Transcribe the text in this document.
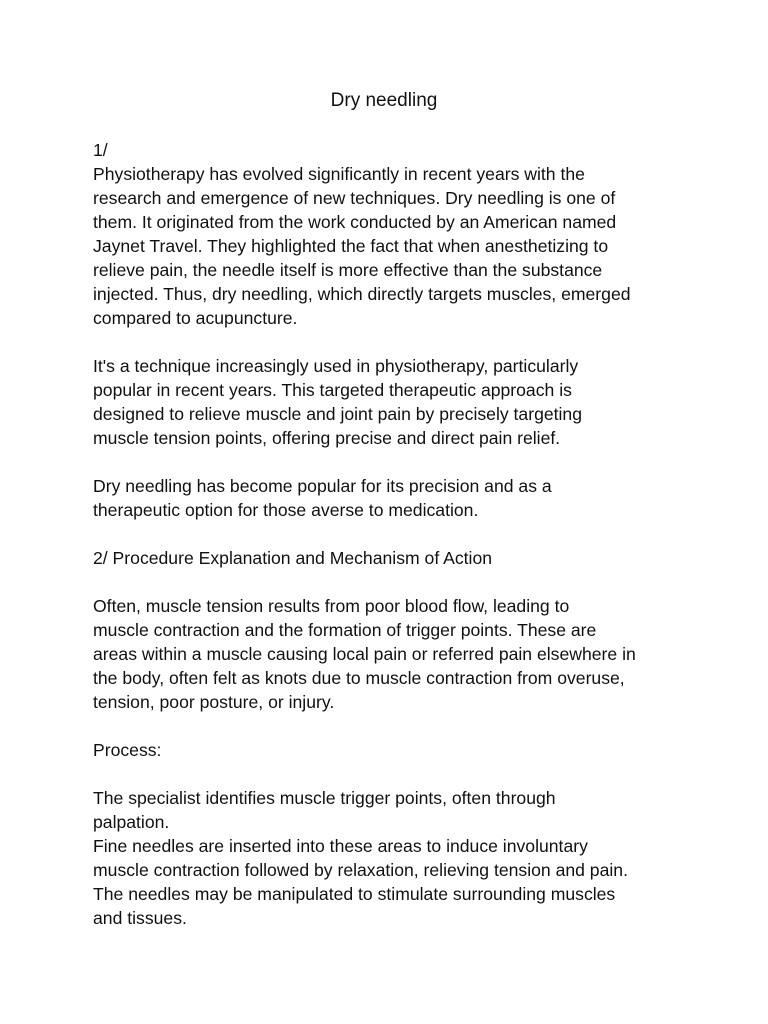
Dry needling
1/
Physiotherapy has evolved significantly in recent years with the
research and emergence of new techniques. Dry needling is one of
them. It originated from the work conducted by an American named
Jaynet Travel. They highlighted the fact that when anesthetizing to
relieve pain, the needle itself is more effective than the substance
injected. Thus, dry needling, which directly targets muscles, emerged
compared to acupuncture.
It's a technique increasingly used in physiotherapy, particularly
popular in recent years. This targeted therapeutic approach is
designed to relieve muscle and joint pain by precisely targeting
muscle tension points, offering precise and direct pain relief.
Dry needling has become popular for its precision and as a
therapeutic option for those averse to medication.
2/ Procedure Explanation and Mechanism of Action
Often, muscle tension results from poor blood flow, leading to
muscle contraction and the formation of trigger points. These are
areas within a muscle causing local pain or referred pain elsewhere in
the body, often felt as knots due to muscle contraction from overuse,
tension, poor posture, or injury.
Process:
The specialist identifies muscle trigger points, often through
palpation.
Fine needles are inserted into these areas to induce involuntary
muscle contraction followed by relaxation, relieving tension and pain.
The needles may be manipulated to stimulate surrounding muscles
and tissues.
